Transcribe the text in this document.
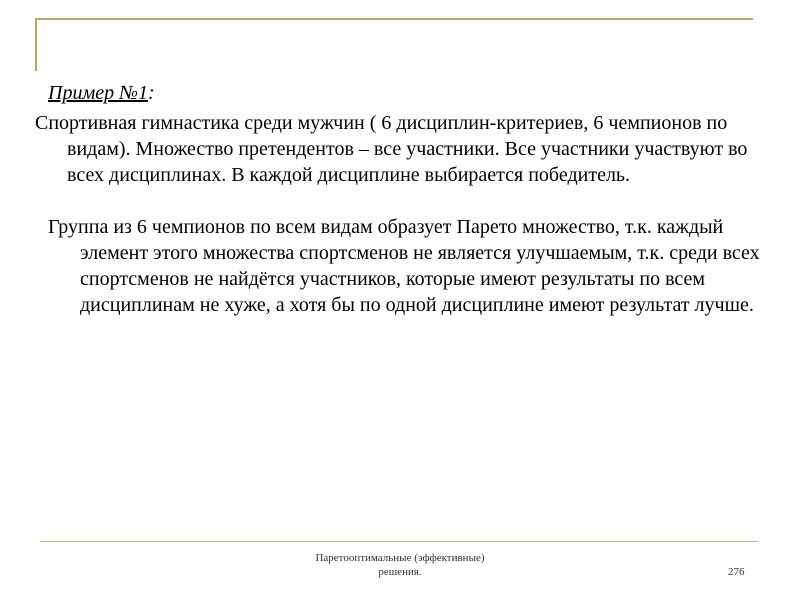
Пример №1:

Спортивная гимнастика среди мужчин ( 6 дисциплин-критериев, 6 чемпионов по видам). Множество претендентов – все участники. Все участники участвуют во всех дисциплинах. В каждой дисциплине выбирается победитель.

Группа из 6 чемпионов по всем видам образует Парето множество, т.к. каждый элемент этого множества спортсменов не является улучшаемым, т.к. среди всех спортсменов не найдётся участников, которые имеют результаты по всем дисциплинам не хуже, а хотя бы по одной дисциплине имеют результат лучше.

Паретооптимальные (эффективные)
решения.	276
